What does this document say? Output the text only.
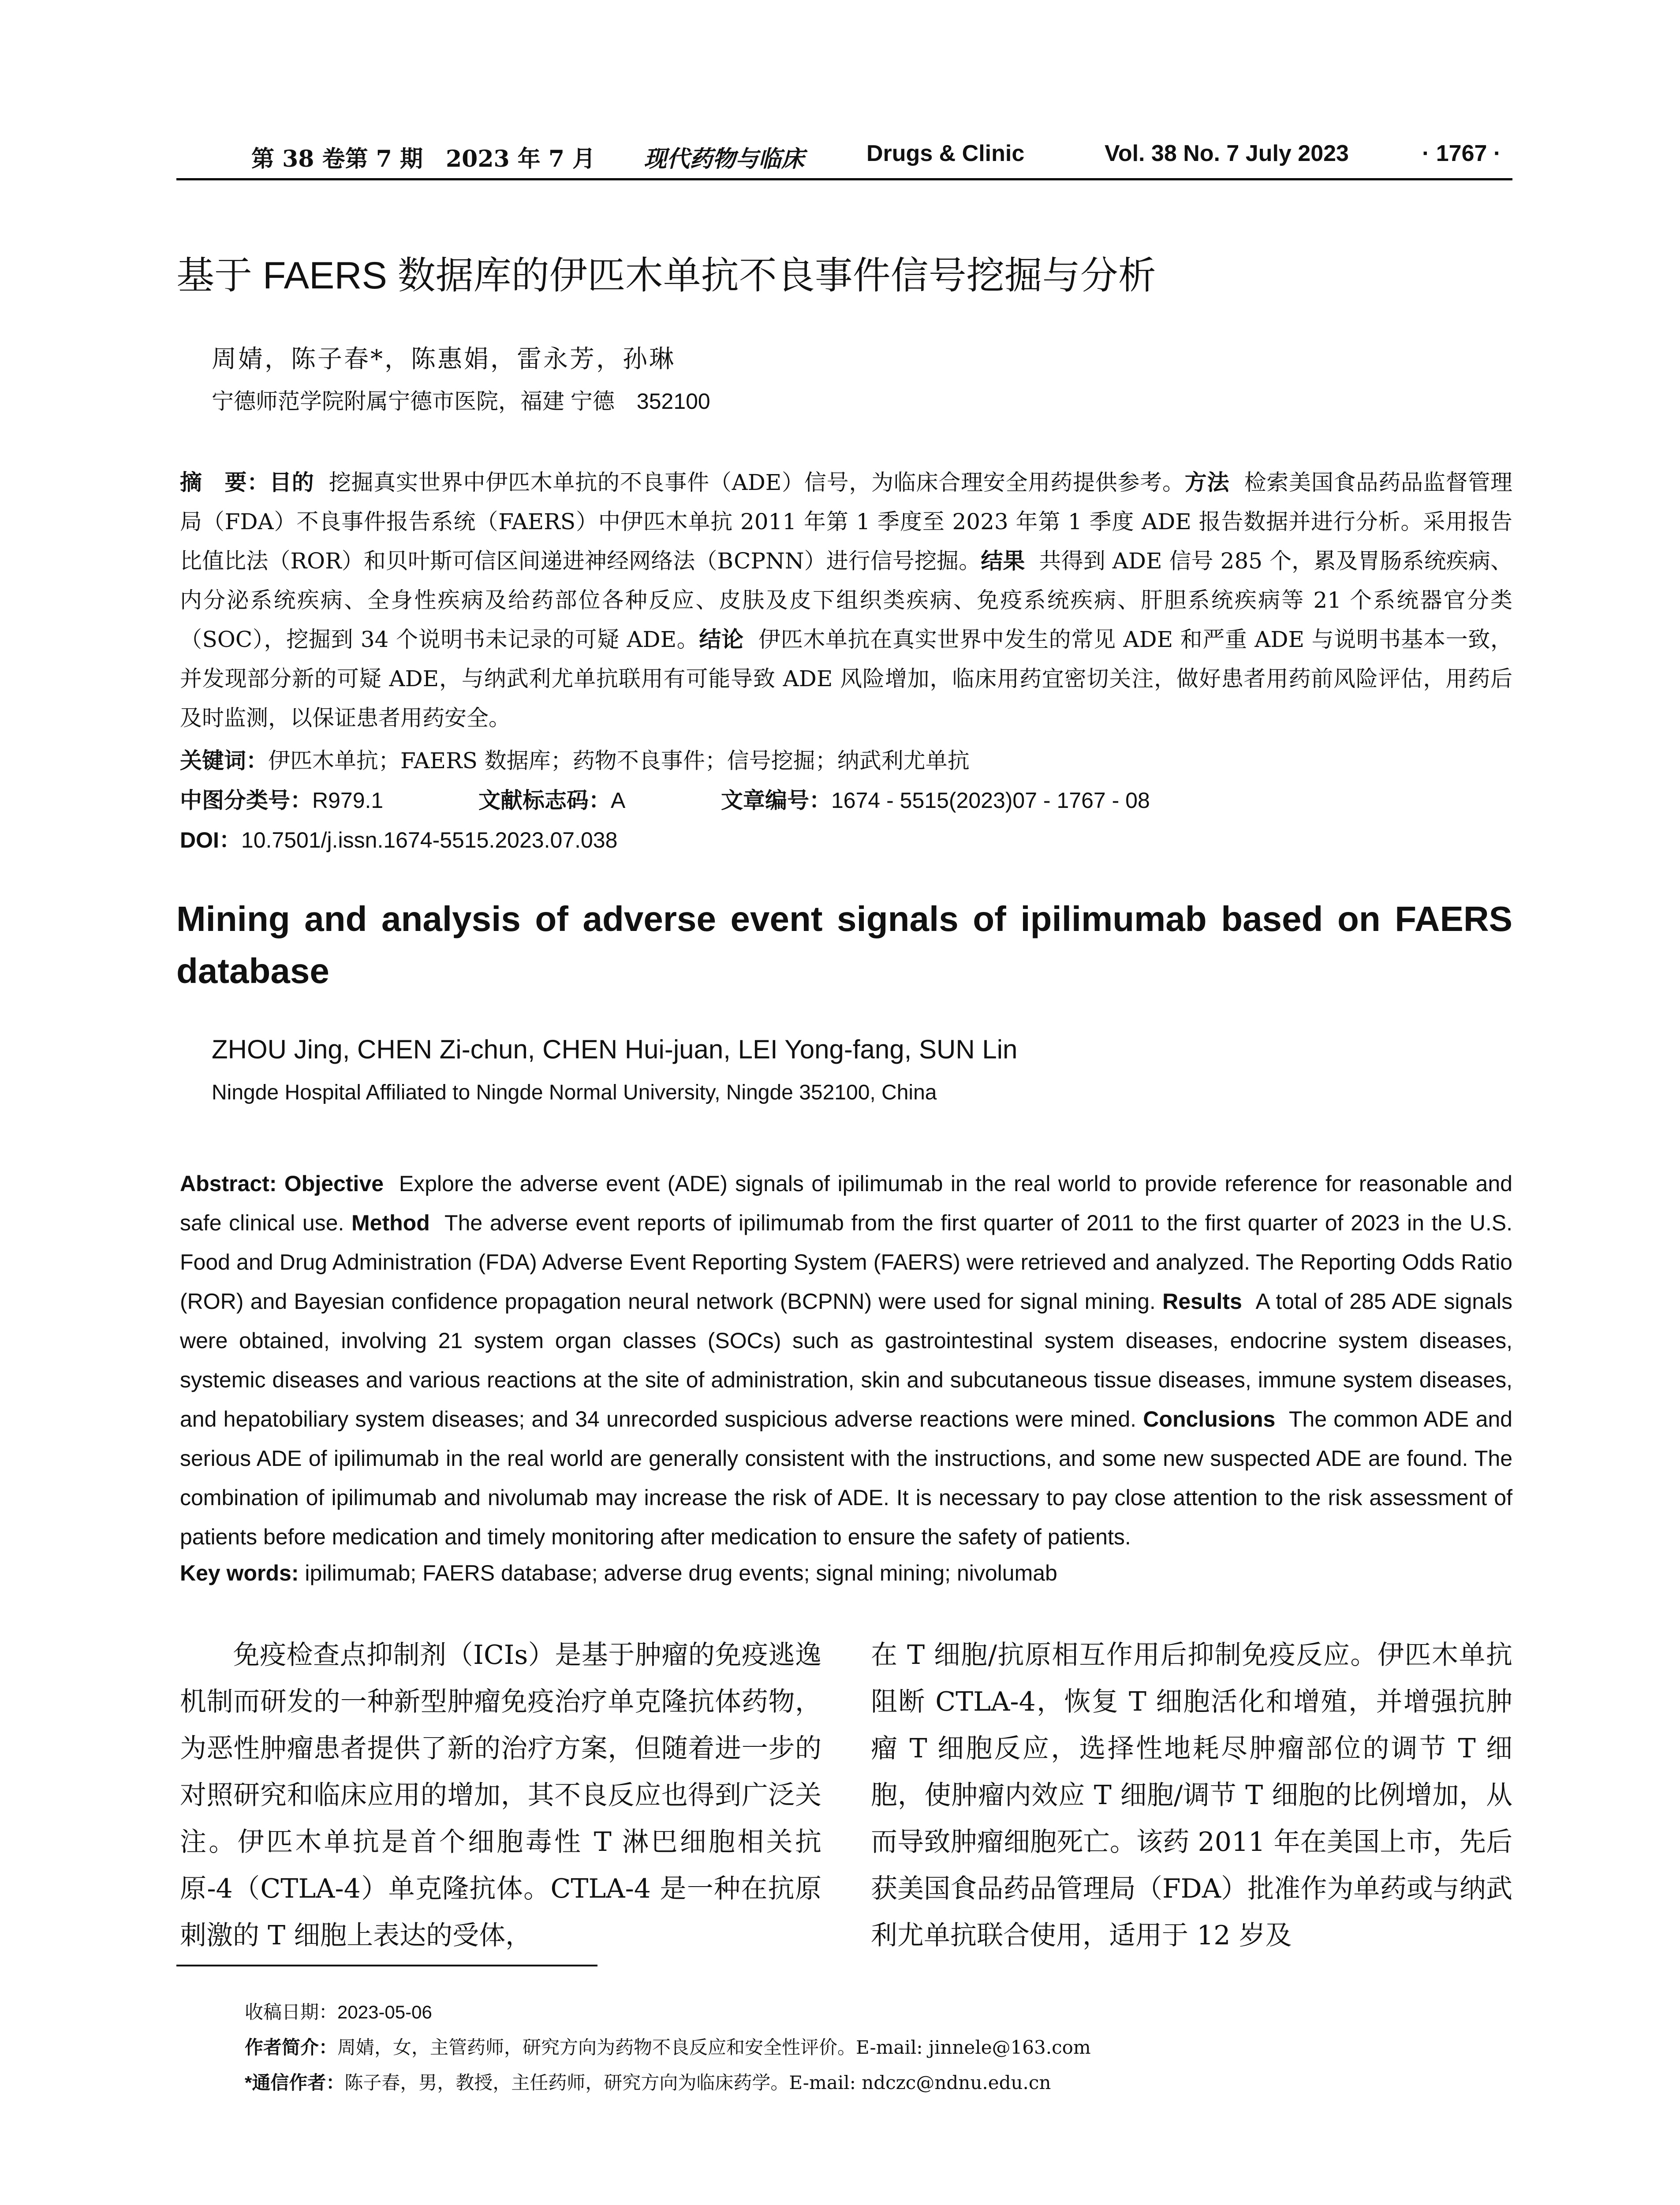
第 38 卷第 7 期　2023 年 7 月 现代药物与临床	Drugs & Clinic	Vol. 38 No. 7 July 2023	· 1767 ·
基于 FAERS 数据库的伊匹木单抗不良事件信号挖掘与分析
周婧，陈子春*，陈惠娟，雷永芳，孙琳
宁德师范学院附属宁德市医院，福建 宁德　352100
摘　要：目的 挖掘真实世界中伊匹木单抗的不良事件（ADE）信号，为临床合理安全用药提供参考。方法 检索美国食品药品监督管理局（FDA）不良事件报告系统（FAERS）中伊匹木单抗 2011 年第 1 季度至 2023 年第 1 季度 ADE 报告数据并进行分析。采用报告比值比法（ROR）和贝叶斯可信区间递进神经网络法（BCPNN）进行信号挖掘。结果 共得到 ADE 信号 285 个，累及胃肠系统疾病、内分泌系统疾病、全身性疾病及给药部位各种反应、皮肤及皮下组织类疾病、免疫系统疾病、肝胆系统疾病等 21 个系统器官分类（SOC），挖掘到 34 个说明书未记录的可疑 ADE。结论 伊匹木单抗在真实世界中发生的常见 ADE 和严重 ADE 与说明书基本一致，并发现部分新的可疑 ADE，与纳武利尤单抗联用有可能导致 ADE 风险增加，临床用药宜密切关注，做好患者用药前风险评估，用药后及时监测，以保证患者用药安全。
关键词：伊匹木单抗；FAERS 数据库；药物不良事件；信号挖掘；纳武利尤单抗
中图分类号：R979.1	文献标志码：A	文章编号：1674 - 5515(2023)07 - 1767 - 08
DOI：10.7501/j.issn.1674-5515.2023.07.038
Mining and analysis of adverse event signals of ipilimumab based on FAERS database
ZHOU Jing, CHEN Zi-chun, CHEN Hui-juan, LEI Yong-fang, SUN Lin
Ningde Hospital Affiliated to Ningde Normal University, Ningde 352100, China
Abstract: Objective Explore the adverse event (ADE) signals of ipilimumab in the real world to provide reference for reasonable and safe clinical use. Method The adverse event reports of ipilimumab from the first quarter of 2011 to the first quarter of 2023 in the U.S. Food and Drug Administration (FDA) Adverse Event Reporting System (FAERS) were retrieved and analyzed. The Reporting Odds Ratio (ROR) and Bayesian confidence propagation neural network (BCPNN) were used for signal mining. Results A total of 285 ADE signals were obtained, involving 21 system organ classes (SOCs) such as gastrointestinal system diseases, endocrine system diseases, systemic diseases and various reactions at the site of administration, skin and subcutaneous tissue diseases, immune system diseases, and hepatobiliary system diseases; and 34 unrecorded suspicious adverse reactions were mined. Conclusions The common ADE and serious ADE of ipilimumab in the real world are generally consistent with the instructions, and some new suspected ADE are found. The combination of ipilimumab and nivolumab may increase the risk of ADE. It is necessary to pay close attention to the risk assessment of patients before medication and timely monitoring after medication to ensure the safety of patients.
Key words: ipilimumab; FAERS database; adverse drug events; signal mining; nivolumab
免疫检查点抑制剂（ICIs）是基于肿瘤的免疫逃逸机制而研发的一种新型肿瘤免疫治疗单克隆抗体药物，为恶性肿瘤患者提供了新的治疗方案，但随着进一步的对照研究和临床应用的增加，其不良反应也得到广泛关注。伊匹木单抗是首个细胞毒性 T 淋巴细胞相关抗原-4（CTLA-4）单克隆抗体。CTLA-4 是一种在抗原刺激的 T 细胞上表达的受体，
在 T 细胞/抗原相互作用后抑制免疫反应。伊匹木单抗阻断 CTLA-4，恢复 T 细胞活化和增殖，并增强抗肿瘤 T 细胞反应，选择性地耗尽肿瘤部位的调节 T 细胞，使肿瘤内效应 T 细胞/调节 T 细胞的比例增加，从而导致肿瘤细胞死亡。该药 2011 年在美国上市，先后获美国食品药品管理局（FDA）批准作为单药或与纳武利尤单抗联合使用，适用于 12 岁及
收稿日期：2023-05-06
作者简介：周婧，女，主管药师，研究方向为药物不良反应和安全性评价。E-mail: jinnele@163.com
*通信作者：陈子春，男，教授，主任药师，研究方向为临床药学。E-mail: ndczc@ndnu.edu.cn
